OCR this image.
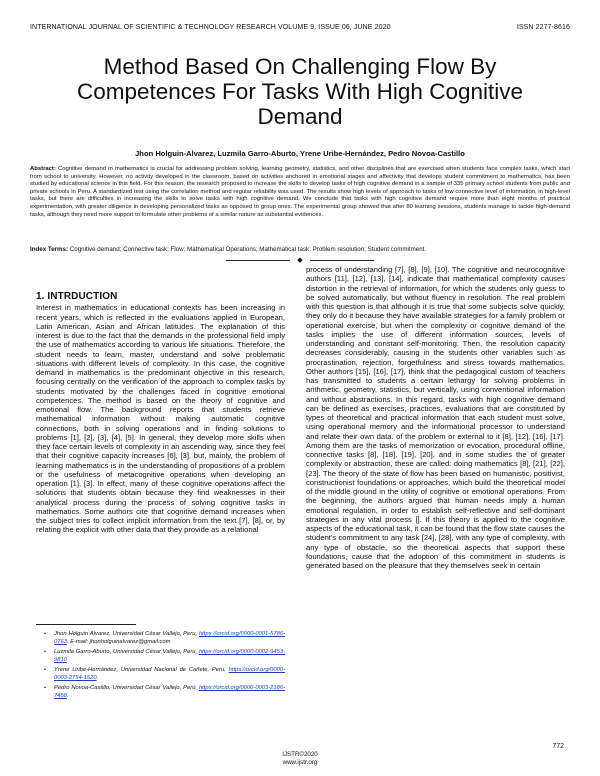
INTERNATIONAL JOURNAL OF SCIENTIFIC & TECHNOLOGY RESEARCH VOLUME 9, ISSUE 06, JUNE 2020	ISSN 2277-8616
Method Based On Challenging Flow By Competences For Tasks With High Cognitive Demand
Jhon Holguin-Alvarez, Luzmila Garro-Aburto, Yrene Uribe-Hernández, Pedro Novoa-Castillo
Abstract: Cognitive demand in mathematics is crucial for addressing problem solving, learning geometry, statistics, and other disciplines that are exercised when students face complex tasks, which start from school to university. However, no activity developed in the classroom, based on activities anchored in emotional stages and affectivity that develops student commitment to mathematics, has been studied by educational science in this field. For this reason, the research proposed to increase the skills to develop tasks of high cognitive demand in a sample of 335 primary school students from public and private schools in Peru. A standardized test using the correlation method and regular reliability was used. The results show high levels of approach to tasks of low connective level of information, in high-level tasks, but there are difficulties in increasing the skills to solve tasks with high cognitive demand. We conclude that tasks with high cognitive demand require more than eight months of practical experimentation, with greater diligence in developing personalized tasks as opposed to group ones. The experimental group showed that after 80 learning sessions, students manage to tackle high-demand tasks, although they need more support to formulate other problems of a similar nature as substantial evidences.
Index Terms: Cognitive demand; Connective task; Flow; Mathematical Operations; Mathematical task; Problem resolution; Student commitment.
◆
1. INTRDUCTION

Interest in mathematics in educational contexts has been increasing in recent years, which is reflected in the evaluations applied in European, Latin American, Asian and African latitudes. The explanation of this interest is due to the fact that the demands in the professional field imply the use of mathematics according to various life situations. Therefore, the student needs to learn, master, understand and solve problematic situations with different levels of complexity. In this case, the cognitive demand in mathematics is the predominant objective in this research, focusing centrally on the verification of the approach to complex tasks by students motivated by the challenges faced in cognitive emotional competences. The method is based on the theory of cognitive and emotional flow. The background reports that students retrieve mathematical information without making automatic cognitive connections, both in solving operations and in finding solutions to problems [1], [2], [3], [4], [5]. In general, they develop more skills when they face certain levels of complexity in an ascending way, since they feel that their cognitive capacity increases [6], [3], but, mainly, the problem of learning mathematics is in the understanding of propositions of a problem or the usefulness of metacognitive operations when developing an operation [1], [3]. In effect, many of these cognitive operations affect the solutions that students obtain because they find weaknesses in their analytical process during the process of solving cognitive tasks in mathematics. Some authors cite that cognitive demand increases when the subject tries to collect implicit information from the text [7], [8], or, by relating the explicit with other data that they provide as a relational

process of understanding [7], [8], [9], [10]. The cognitive and neurocognitive authors [11], [12], [13], [14], indicate that mathematical complexity causes distortion in the retrieval of information, for which the students only guess to be solved automatically, but without fluency in resolution. The real problem with this question is that although it is true that some subjects solve quickly, they only do it because they have available strategies for a family problem or operational exercise, but when the complexity or cognitive demand of the tasks implies the use of different information sources, levels of understanding and constant self-monitoring. Then, the resolution capacity decreases considerably, causing in the students other variables such as procrastination, rejection, forgetfulness and stress towards mathematics. Other authors [15], [16], [17], think that the pedagogical custom of teachers has transmitted to students a certain lethargy for solving problems in arithmetic, geometry, statistics, but vertically, using conventional information and without abstractions. In this regard, tasks with high cognitive demand can be defined as exercises, practices, evaluations that are constituted by types of theoretical and practical information that each student must solve, using operational memory and the informational processor to understand and relate their own data. of the problem or external to it [8], [12], [16], [17]. Among them are the tasks of memorization or evocation, procedural offline, connective tasks [8], [18], [19], [20], and in some studies the of greater complexity or abstraction, these are called: doing mathematics [8], [21], [22], [23]. The theory of the state of flow has been based on humanistic, positivist, constructionist foundations or approaches, which build the theoretical model of the middle ground in the utility of cognitive or emotional operations. From the beginning, the authors argued that human needs imply a human emotional regulation, in order to establish self-reflective and self-dominant strategies in any vital process []. If this theory is applied to the cognitive aspects of the educational task, it can be found that the flow state causes the student's commitment to any task [24], [28], with any type of complexity, with any type of obstacle, so the theoretical aspects that support these foundations, cause that the adoption of this commitment in students is generated based on the pleasure that they themselves seek in certain

• Jhon Holguin Alvarez, Universidad César Vallejo, Peru, https://orcid.org/0000-0001-5786-0763. E-mail: jhonholguinalvarez@gmail.com
• Luzmila Garro-Aburto, Universidad César Vallejo, Peru, https://orcid.org/0000-0002-9453-9810
• Yrene Uribe-Hernández, Universidad Nacional de Cañete, Peru, https://orcid.org/0000-0003-2754-1520.
• Pedro Novoa-Castillo, Universidad César Vallejo, Perú, https://orcid.org/0000-0003-2186-7458.
772
IJSTR©2020
www.ijstr.org
